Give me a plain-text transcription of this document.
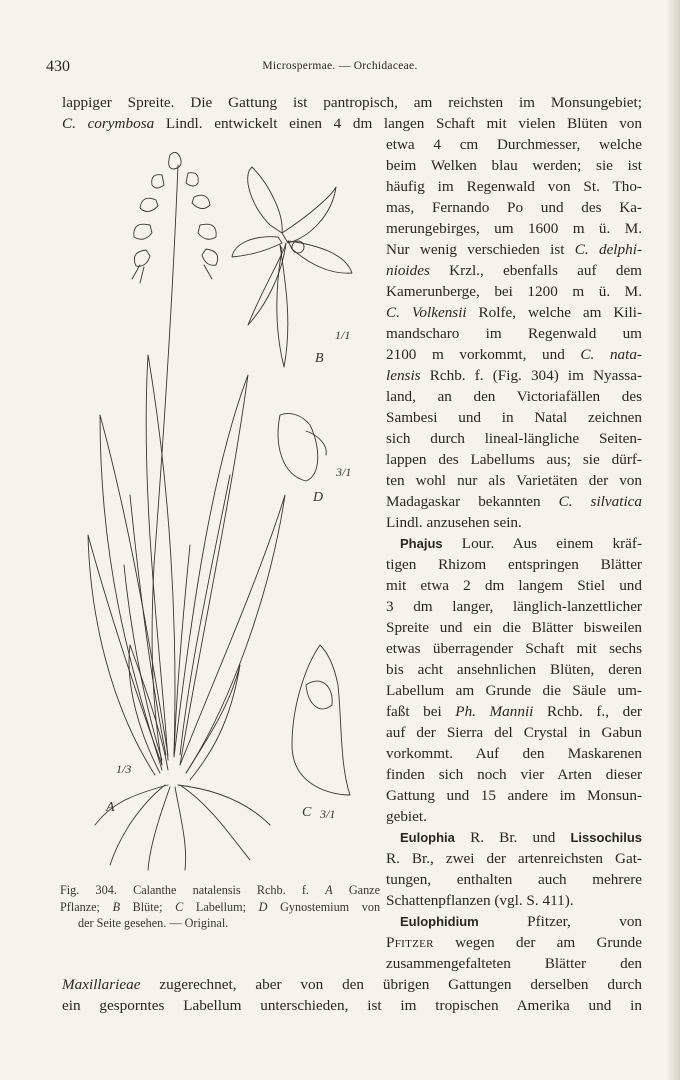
430	Microspermae. — Orchidaceae.

lappiger Spreite. Die Gattung ist pantropisch, am reichsten im Monsungebiet;

C. corymbosa Lindl. entwickelt einen 4 dm langen Schaft mit vielen Blüten von

etwa 4 cm Durchmesser, welche

beim Welken blau werden; sie ist

häufig im Regenwald von St. Tho-

mas, Fernando Po und des Ka-

merungebirges, um 1600 m ü. M.

Nur wenig verschieden ist C. delphi-

nioides Krzl., ebenfalls auf dem

Kamerunberge, bei 1200 m ü. M.

C. Volkensii Rolfe, welche am Kili-

mandscharo im Regenwald um

2100 m vorkommt, und C. nata-

lensis Rchb. f. (Fig. 304) im Nyassa-

land, an den Victoriafällen des

Sambesi und in Natal zeichnen

sich durch lineal-längliche Seiten-

lappen des Labellums aus; sie dürf-

ten wohl nur als Varietäten der von

Madagaskar bekannten C. silvatica

Lindl. anzusehen sein.

Phajus Lour. Aus einem kräf-

tigen Rhizom entspringen Blätter

mit etwa 2 dm langem Stiel und

3 dm langer, länglich-lanzettlicher

Spreite und ein die Blätter bisweilen

etwas überragender Schaft mit sechs

bis acht ansehnlichen Blüten, deren

Labellum am Grunde die Säule um-

faßt bei Ph. Mannii Rchb. f., der

auf der Sierra del Crystal in Gabun

vorkommt. Auf den Maskarenen

finden sich noch vier Arten dieser

Gattung und 15 andere im Monsun-

gebiet.

Eulophia R. Br. und Lissochilus

R. Br., zwei der artenreichsten Gat-

tungen, enthalten auch mehrere

Schattenpflanzen (vgl. S. 411).

Eulophidium	Pfitzer, von

Pfitzer wegen der am Grunde

zusammengefalteten Blätter den

Maxillarieae zugerechnet, aber von den übrigen Gattungen derselben durch

ein gesporntes Labellum unterschieden, ist im tropischen Amerika und in

1/3
A
1/1
B
3/1
D
C 3/1

Fig. 304. Calanthe natalensis Rchb. f. A Ganze

Pflanze; B Blüte; C Labellum; D Gynostemium von

der Seite gesehen. — Original.
